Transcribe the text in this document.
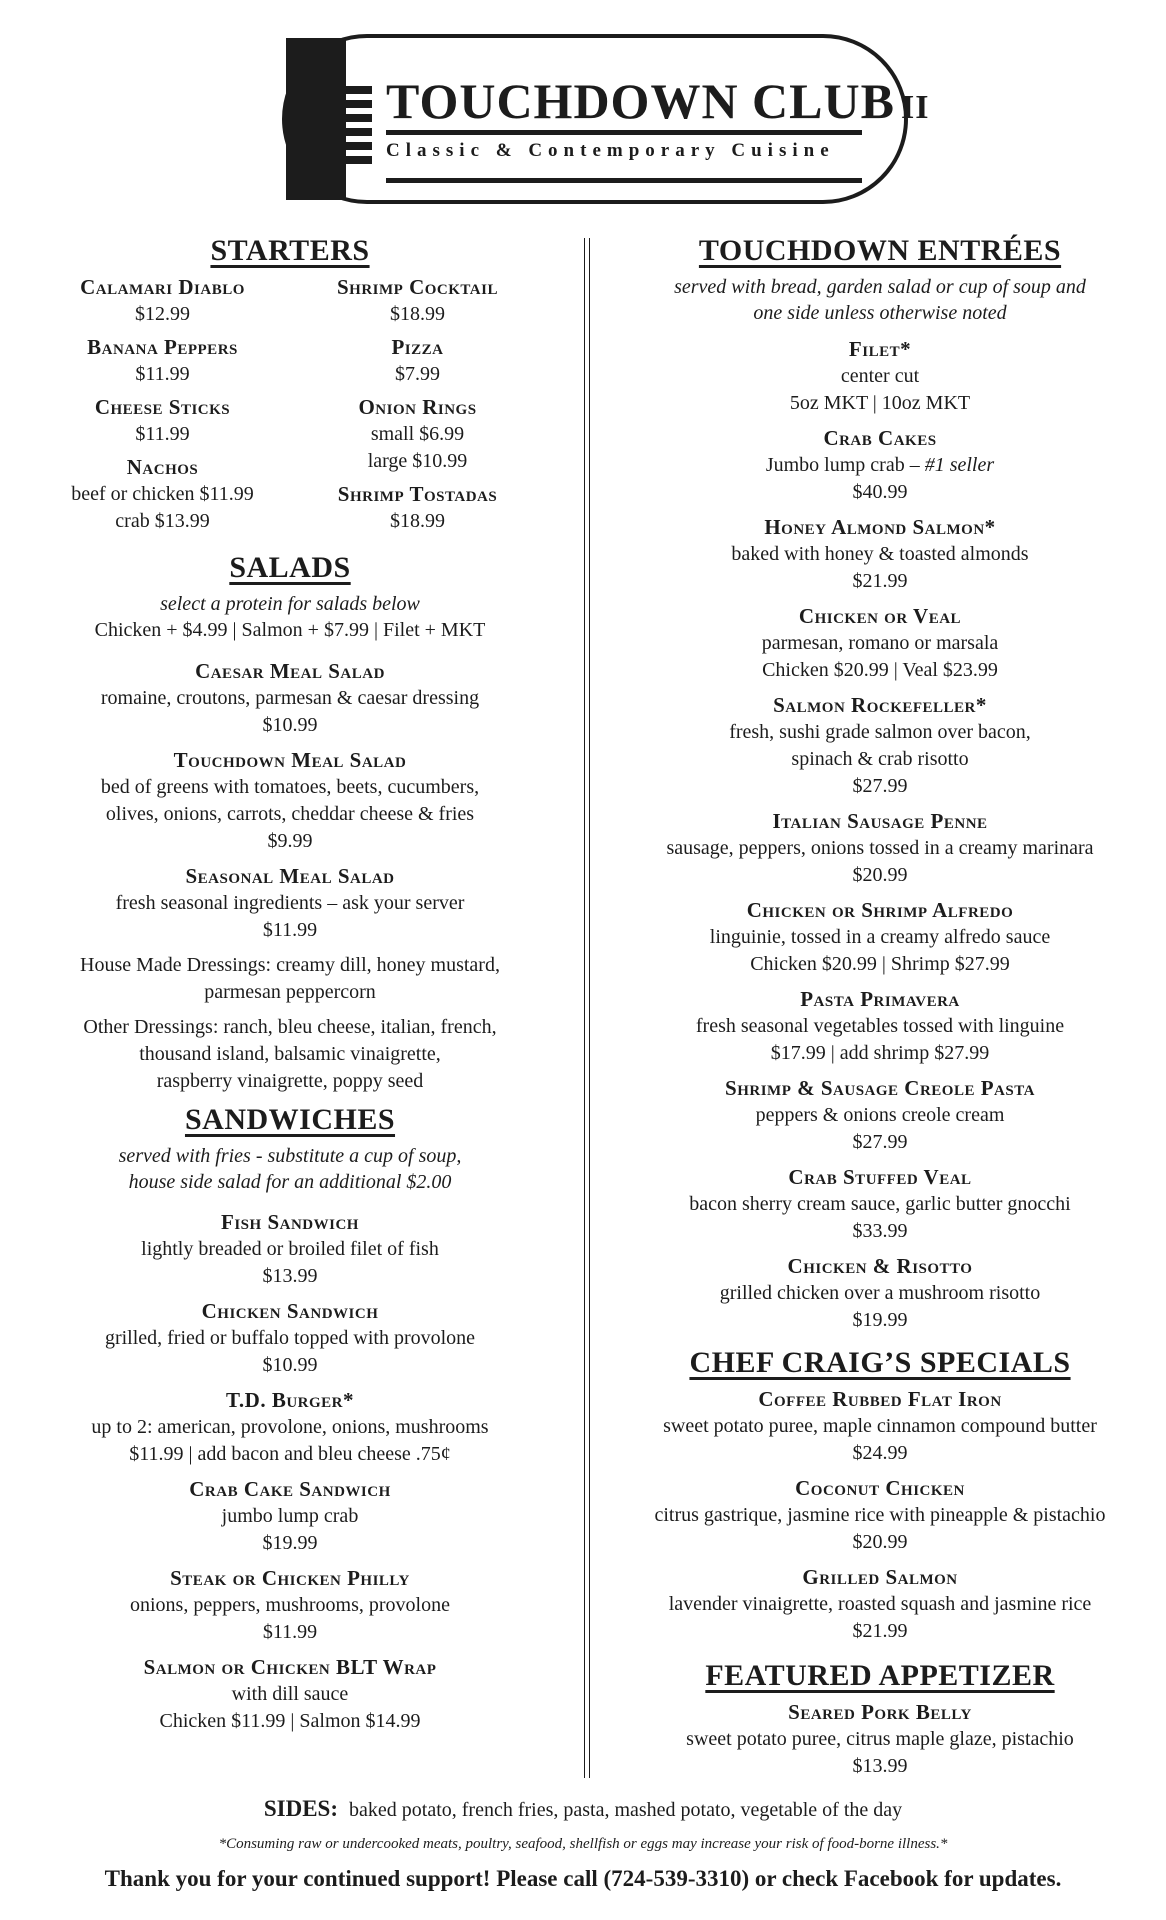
TOUCHDOWN CLUB II
Classic & Contemporary Cuisine
STARTERS
Calamari Diablo
$12.99
Banana Peppers
$11.99
Cheese Sticks
$11.99
Nachos
beef or chicken $11.99
crab $13.99
Shrimp Cocktail
$18.99
Pizza
$7.99
Onion Rings
small $6.99
large $10.99
Shrimp Tostadas
$18.99
SALADS
select a protein for salads below
Chicken + $4.99 | Salmon + $7.99 | Filet + MKT
Caesar Meal Salad
romaine, croutons, parmesan & caesar dressing
$10.99
Touchdown Meal Salad
bed of greens with tomatoes, beets, cucumbers,
olives, onions, carrots, cheddar cheese & fries
$9.99
Seasonal Meal Salad
fresh seasonal ingredients – ask your server
$11.99
House Made Dressings: creamy dill, honey mustard,
parmesan peppercorn
Other Dressings: ranch, bleu cheese, italian, french,
thousand island, balsamic vinaigrette,
raspberry vinaigrette, poppy seed
SANDWICHES
served with fries - substitute a cup of soup,
house side salad for an additional $2.00
Fish Sandwich
lightly breaded or broiled filet of fish
$13.99
Chicken Sandwich
grilled, fried or buffalo topped with provolone
$10.99
T.D. Burger*
up to 2: american, provolone, onions, mushrooms
$11.99 | add bacon and bleu cheese .75¢
Crab Cake Sandwich
jumbo lump crab
$19.99
Steak or Chicken Philly
onions, peppers, mushrooms, provolone
$11.99
Salmon or Chicken BLT Wrap
with dill sauce
Chicken $11.99 | Salmon $14.99
TOUCHDOWN ENTRÉES
served with bread, garden salad or cup of soup and
one side unless otherwise noted
Filet*
center cut
5oz MKT | 10oz MKT
Crab Cakes
Jumbo lump crab – #1 seller
$40.99
Honey Almond Salmon*
baked with honey & toasted almonds
$21.99
Chicken or Veal
parmesan, romano or marsala
Chicken $20.99 | Veal $23.99
Salmon Rockefeller*
fresh, sushi grade salmon over bacon,
spinach & crab risotto
$27.99
Italian Sausage Penne
sausage, peppers, onions tossed in a creamy marinara
$20.99
Chicken or Shrimp Alfredo
linguinie, tossed in a creamy alfredo sauce
Chicken $20.99 | Shrimp $27.99
Pasta Primavera
fresh seasonal vegetables tossed with linguine
$17.99 | add shrimp $27.99
Shrimp & Sausage Creole Pasta
peppers & onions creole cream
$27.99
Crab Stuffed Veal
bacon sherry cream sauce, garlic butter gnocchi
$33.99
Chicken & Risotto
grilled chicken over a mushroom risotto
$19.99
CHEF CRAIG’S SPECIALS
Coffee Rubbed Flat Iron
sweet potato puree, maple cinnamon compound butter
$24.99
Coconut Chicken
citrus gastrique, jasmine rice with pineapple & pistachio
$20.99
Grilled Salmon
lavender vinaigrette, roasted squash and jasmine rice
$21.99
FEATURED APPETIZER
Seared Pork Belly
sweet potato puree, citrus maple glaze, pistachio
$13.99
SIDES: baked potato, french fries, pasta, mashed potato, vegetable of the day
*Consuming raw or undercooked meats, poultry, seafood, shellfish or eggs may increase your risk of food-borne illness.*
Thank you for your continued support! Please call (724-539-3310) or check Facebook for updates.
